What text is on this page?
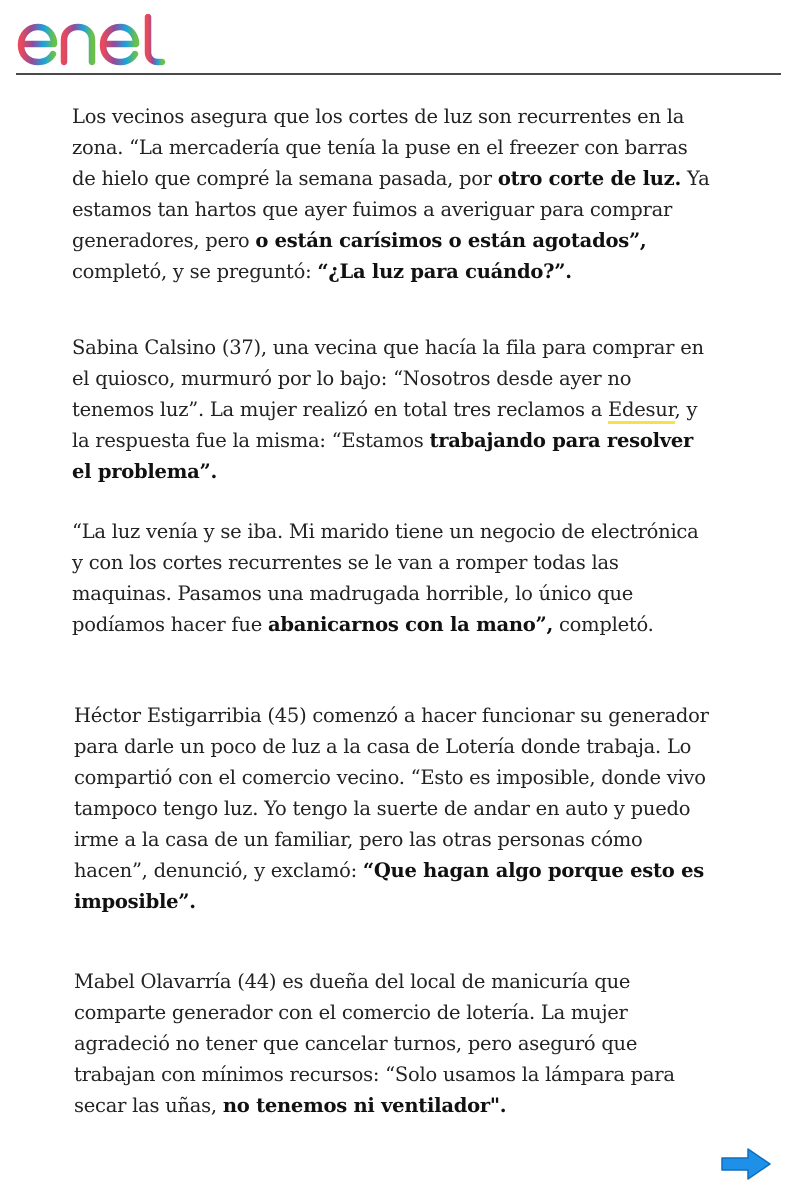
Los vecinos asegura que los cortes de luz son recurrentes en la zona. “La mercadería que tenía la puse en el freezer con barras de hielo que compré la semana pasada, por otro corte de luz. Ya estamos tan hartos que ayer fuimos a averiguar para comprar generadores, pero o están carísimos o están agotados”, completó, y se preguntó: “¿La luz para cuándo?”.

Sabina Calsino (37), una vecina que hacía la fila para comprar en el quiosco, murmuró por lo bajo: “Nosotros desde ayer no tenemos luz”. La mujer realizó en total tres reclamos a Edesur, y la respuesta fue la misma: “Estamos trabajando para resolver el problema”.

“La luz venía y se iba. Mi marido tiene un negocio de electrónica y con los cortes recurrentes se le van a romper todas las maquinas. Pasamos una madrugada horrible, lo único que podíamos hacer fue abanicarnos con la mano”, completó.

Héctor Estigarribia (45) comenzó a hacer funcionar su generador para darle un poco de luz a la casa de Lotería donde trabaja. Lo compartió con el comercio vecino. “Esto es imposible, donde vivo tampoco tengo luz. Yo tengo la suerte de andar en auto y puedo irme a la casa de un familiar, pero las otras personas cómo hacen”, denunció, y exclamó: “Que hagan algo porque esto es imposible”.

Mabel Olavarría (44) es dueña del local de manicuría que comparte generador con el comercio de lotería. La mujer agradeció no tener que cancelar turnos, pero aseguró que trabajan con mínimos recursos: “Solo usamos la lámpara para secar las uñas, no tenemos ni ventilador".
